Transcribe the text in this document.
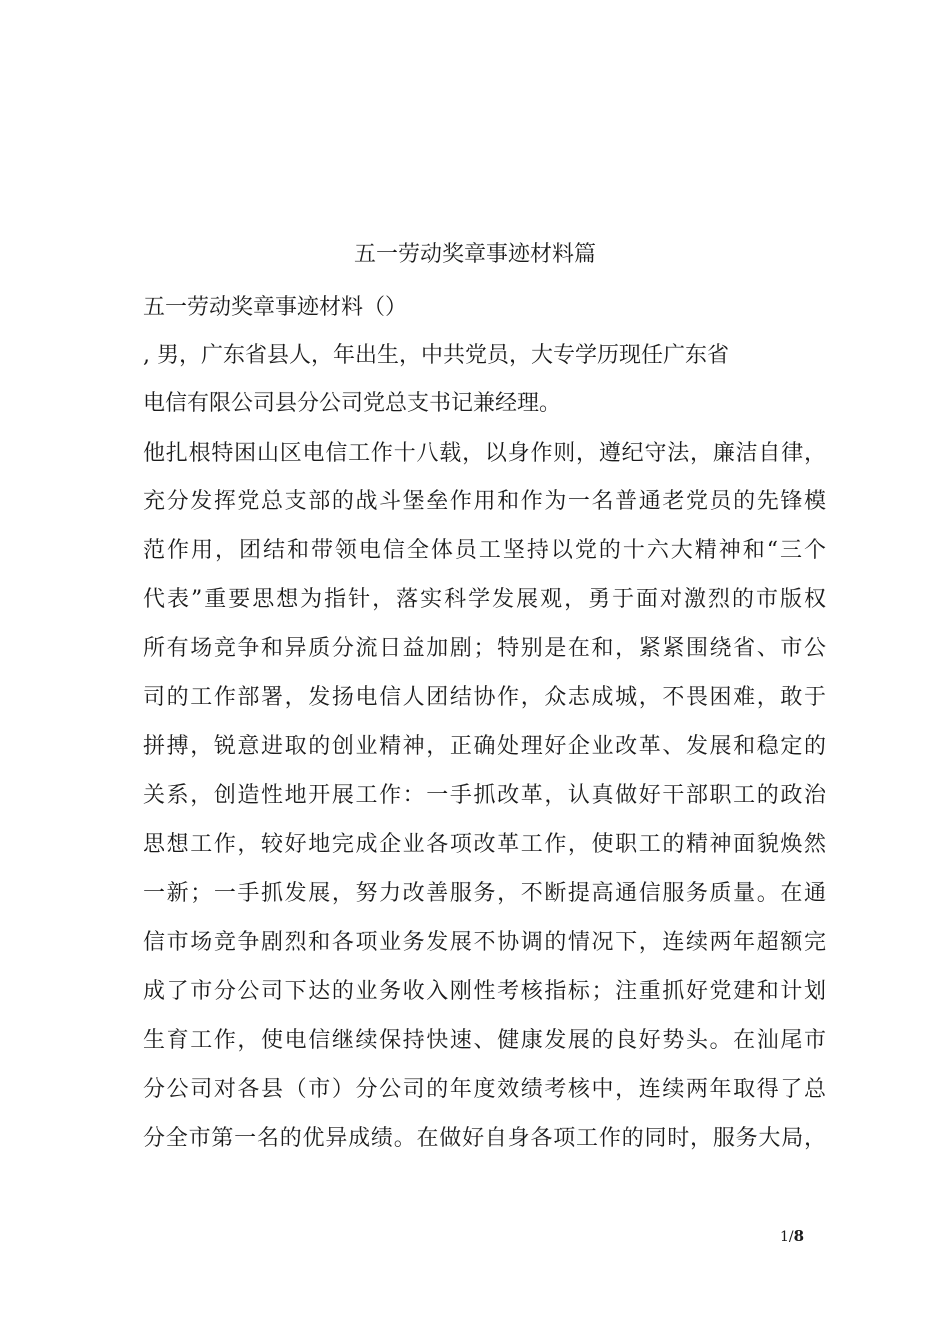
五一劳动奖章事迹材料篇
五一劳动奖章事迹材料（）
, 男，广东省县人，年出生，中共党员，大专学历现任广东省
电信有限公司县分公司党总支书记兼经理。
他扎根特困山区电信工作十八载，以身作则，遵纪守法，廉洁自律，
充分发挥党总支部的战斗堡垒作用和作为一名普通老党员的先锋模
范作用，团结和带领电信全体员工坚持以党的十六大精神和“三个
代表”重要思想为指针，落实科学发展观，勇于面对激烈的市版权
所有场竞争和异质分流日益加剧；特别是在和，紧紧围绕省、市公
司的工作部署，发扬电信人团结协作，众志成城，不畏困难，敢于
拼搏，锐意进取的创业精神，正确处理好企业改革、发展和稳定的
关系，创造性地开展工作：一手抓改革，认真做好干部职工的政治
思想工作，较好地完成企业各项改革工作，使职工的精神面貌焕然
一新；一手抓发展，努力改善服务，不断提高通信服务质量。在通
信市场竞争剧烈和各项业务发展不协调的情况下，连续两年超额完
成了市分公司下达的业务收入刚性考核指标；注重抓好党建和计划
生育工作，使电信继续保持快速、健康发展的良好势头。在汕尾市
分公司对各县（市）分公司的年度效绩考核中，连续两年取得了总
分全市第一名的优异成绩。在做好自身各项工作的同时，服务大局，
1/8
